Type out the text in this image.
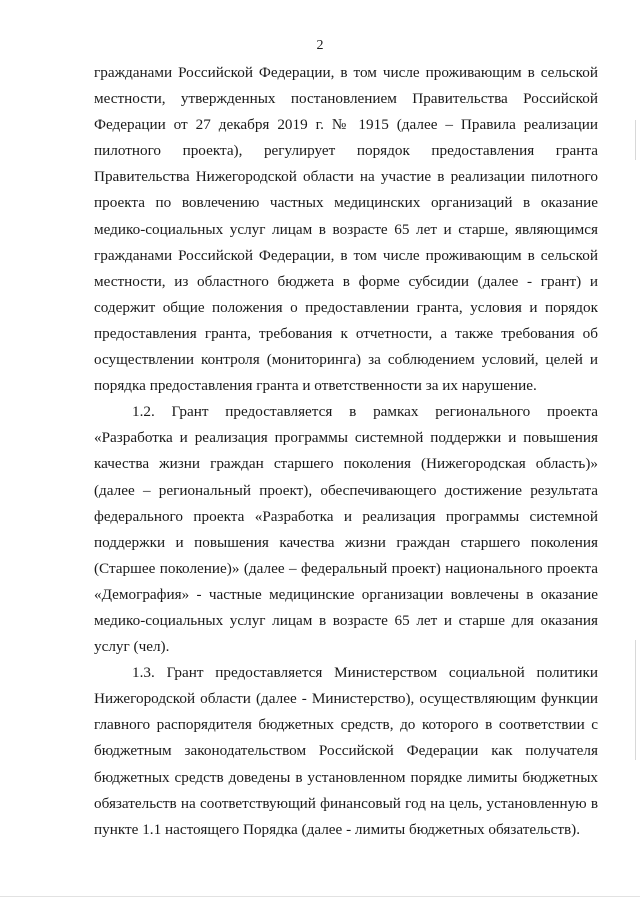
2
гражданами Российской Федерации, в том числе проживающим в сельской
местности, утвержденных постановлением Правительства Российской
Федерации от 27 декабря 2019 г. № 1915 (далее – Правила реализации
пилотного проекта), регулирует порядок предоставления гранта
Правительства Нижегородской области на участие в реализации пилотного
проекта по вовлечению частных медицинских организаций в оказание
медико-социальных услуг лицам в возрасте 65 лет и старше, являющимся
гражданами Российской Федерации, в том числе проживающим в сельской
местности, из областного бюджета в форме субсидии (далее - грант) и
содержит общие положения о предоставлении гранта, условия и порядок
предоставления гранта, требования к отчетности, а также требования об
осуществлении контроля (мониторинга) за соблюдением условий, целей и
порядка предоставления гранта и ответственности за их нарушение.
1.2. Грант предоставляется в рамках регионального проекта
«Разработка и реализация программы системной поддержки и повышения
качества жизни граждан старшего поколения (Нижегородская область)»
(далее – региональный проект), обеспечивающего достижение результата
федерального проекта «Разработка и реализация программы системной
поддержки и повышения качества жизни граждан старшего поколения
(Старшее поколение)» (далее – федеральный проект) национального проекта
«Демография» - частные медицинские организации вовлечены в оказание
медико-социальных услуг лицам в возрасте 65 лет и старше для оказания
услуг (чел).
1.3. Грант предоставляется Министерством социальной политики
Нижегородской области (далее - Министерство), осуществляющим функции
главного распорядителя бюджетных средств, до которого в соответствии с
бюджетным законодательством Российской Федерации как получателя
бюджетных средств доведены в установленном порядке лимиты бюджетных
обязательств на соответствующий финансовый год на цель, установленную в
пункте 1.1 настоящего Порядка (далее - лимиты бюджетных обязательств).
